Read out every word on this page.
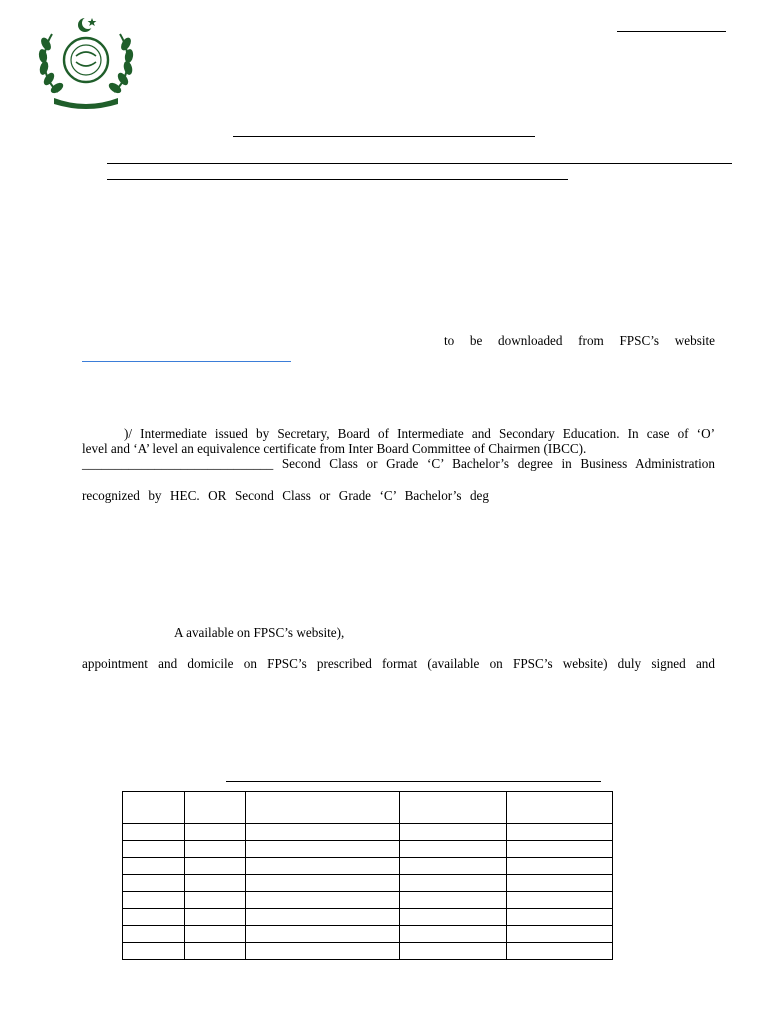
to be downloaded from FPSC’s website
)/ Intermediate issued by Secretary, Board of Intermediate and Secondary Education. In case of ‘O’
level and ‘A’ level an equivalence certificate from Inter Board Committee of Chairmen (IBCC).
_____________________________ Second Class or Grade ‘C’ Bachelor’s degree in Business Administration
recognized by HEC. OR Second Class or Grade ‘C’ Bachelor’s deg
A available on FPSC’s website),
appointment and domicile on FPSC’s prescribed format (available on FPSC’s website) duly signed and
